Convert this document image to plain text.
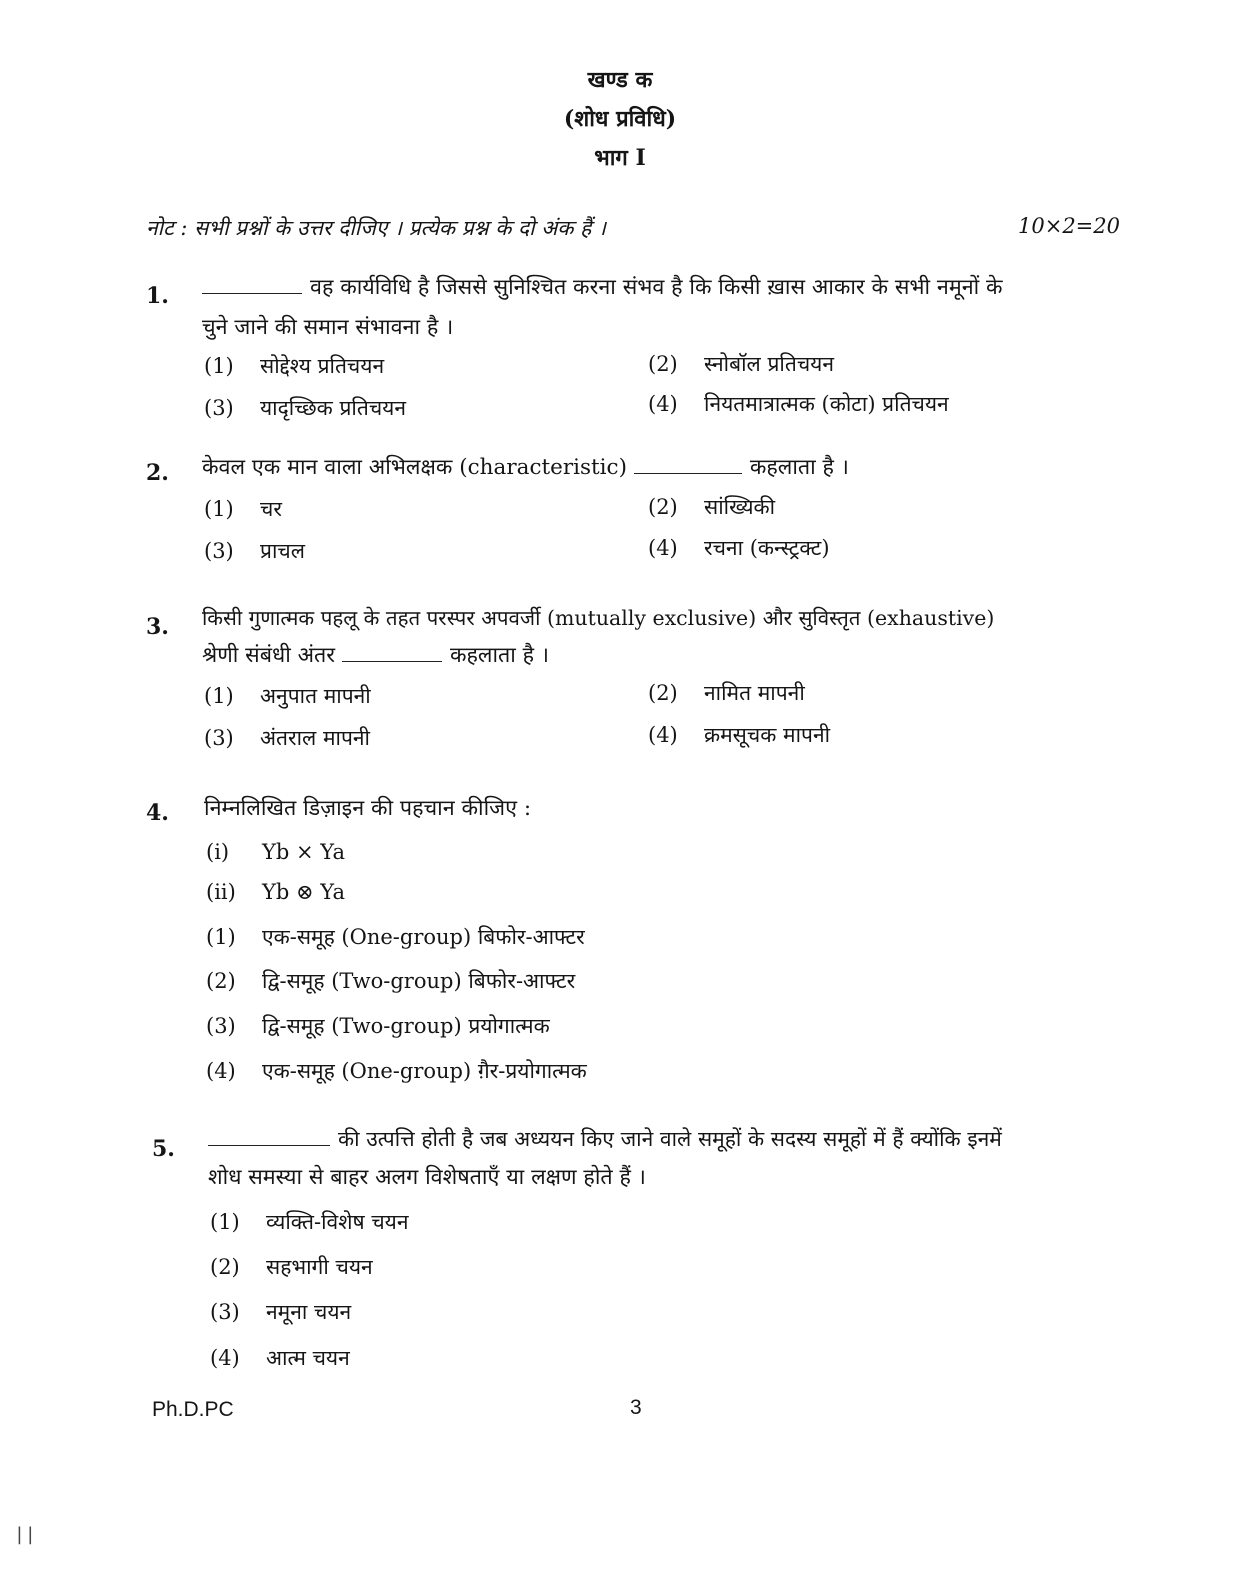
खण्ड क
(शोध प्रविधि)
भाग I
नोट : सभी प्रश्नों के उत्तर दीजिए । प्रत्येक प्रश्न के दो अंक हैं ।	10×2=20
1.	वह कार्यविधि है जिससे सुनिश्चित करना संभव है कि किसी ख़ास आकार के सभी नमूनों के
चुने जाने की समान संभावना है ।
(1) सोद्देश्य प्रतिचयन	(2) स्नोबॉल प्रतिचयन
(3) यादृच्छिक प्रतिचयन	(4) नियतमात्रात्मक (कोटा) प्रतिचयन
2. केवल एक मान वाला अभिलक्षक (characteristic)	कहलाता है ।
(1) चर	(2) सांख्यिकी
(3) प्राचल	(4) रचना (कन्स्ट्रक्ट)
3. किसी गुणात्मक पहलू के तहत परस्पर अपवर्जी (mutually exclusive) और सुविस्तृत (exhaustive)
श्रेणी संबंधी अंतर	कहलाता है ।
(1) अनुपात मापनी	(2) नामित मापनी
(3) अंतराल मापनी	(4) क्रमसूचक मापनी
4. निम्नलिखित डिज़ाइन की पहचान कीजिए :
(i) Yb × Ya
(ii) Yb ⊗ Ya
(1) एक-समूह (One-group) बिफोर-आफ्टर
(2) द्वि-समूह (Two-group) बिफोर-आफ्टर
(3) द्वि-समूह (Two-group) प्रयोगात्मक
(4) एक-समूह (One-group) ग़ैर-प्रयोगात्मक
5.	की उत्पत्ति होती है जब अध्ययन किए जाने वाले समूहों के सदस्य समूहों में हैं क्योंकि इनमें
शोध समस्या से बाहर अलग विशेषताएँ या लक्षण होते हैं ।
(1) व्यक्ति-विशेष चयन
(2) सहभागी चयन
(3) नमूना चयन
(4) आत्म चयन
Ph.D.PC	3
||
